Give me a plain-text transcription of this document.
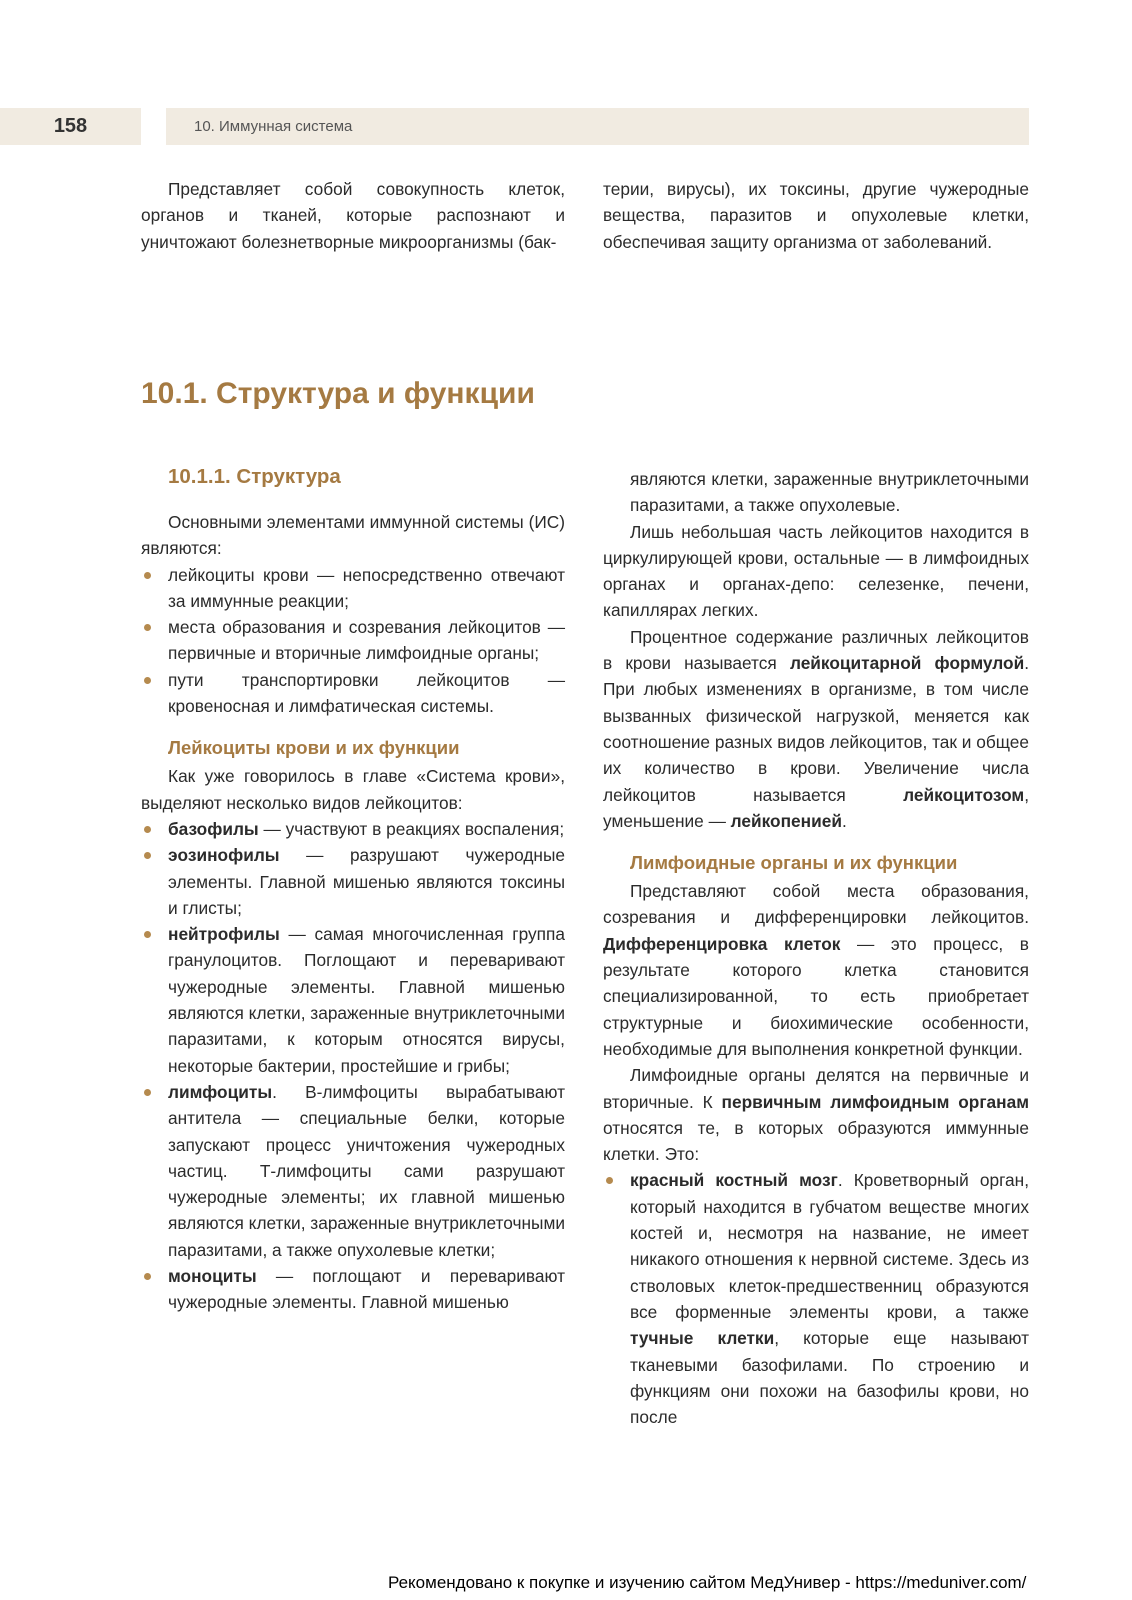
158	10. Иммунная система

Представляет собой совокупность клеток, органов и тканей, которые распознают и уничтожают болезнетворные микроорганизмы (бак-

терии, вирусы), их токсины, другие чужеродные вещества, паразитов и опухолевые клетки, обеспечивая защиту организма от заболеваний.

10.1. Структура и функции
10.1.1. Структура

Основными элементами иммунной системы (ИС) являются:

лейкоциты крови — непосредственно отвечают за иммунные реакции;
места образования и созревания лейкоцитов — первичные и вторичные лимфоидные органы;
пути транспортировки лейкоцитов — кровеносная и лимфатическая системы.
Лейкоциты крови и их функции

Как уже говорилось в главе «Система крови», выделяют несколько видов лейкоцитов:

базофилы — участвуют в реакциях воспаления;
эозинофилы — разрушают чужеродные элементы. Главной мишенью являются токсины и глисты;
нейтрофилы — самая многочисленная группа гранулоцитов. Поглощают и переваривают чужеродные элементы. Главной мишенью являются клетки, зараженные внутриклеточными паразитами, к которым относятся вирусы, некоторые бактерии, простейшие и грибы;
лимфоциты. В-лимфоциты вырабатывают антитела — специальные белки, которые запускают процесс уничтожения чужеродных частиц. Т-лимфоциты сами разрушают чужеродные элементы; их главной мишенью являются клетки, зараженные внутриклеточными паразитами, а также опухолевые клетки;
моноциты — поглощают и переваривают чужеродные элементы. Главной мишенью

являются клетки, зараженные внутриклеточными паразитами, а также опухолевые.

Лишь небольшая часть лейкоцитов находится в циркулирующей крови, остальные — в лимфоидных органах и органах-депо: селезенке, печени, капиллярах легких.

Процентное содержание различных лейкоцитов в крови называется лейкоцитарной формулой. При любых изменениях в организме, в том числе вызванных физической нагрузкой, меняется как соотношение разных видов лейкоцитов, так и общее их количество в крови. Увеличение числа лейкоцитов называется лейкоцитозом, уменьшение — лейкопенией.

Лимфоидные органы и их функции

Представляют собой места образования, созревания и дифференцировки лейкоцитов. Дифференцировка клеток — это процесс, в результате которого клетка становится специализированной, то есть приобретает структурные и биохимические особенности, необходимые для выполнения конкретной функции.

Лимфоидные органы делятся на первичные и вторичные. К первичным лимфоидным органам относятся те, в которых образуются иммунные клетки. Это:

красный костный мозг. Кроветворный орган, который находится в губчатом веществе многих костей и, несмотря на название, не имеет никакого отношения к нервной системе. Здесь из стволовых клеток-предшественниц образуются все форменные элементы крови, а также тучные клетки, которые еще называют тканевыми базофилами. По строению и функциям они похожи на базофилы крови, но после
Рекомендовано к покупке и изучению сайтом МедУнивер - https://meduniver.com/
